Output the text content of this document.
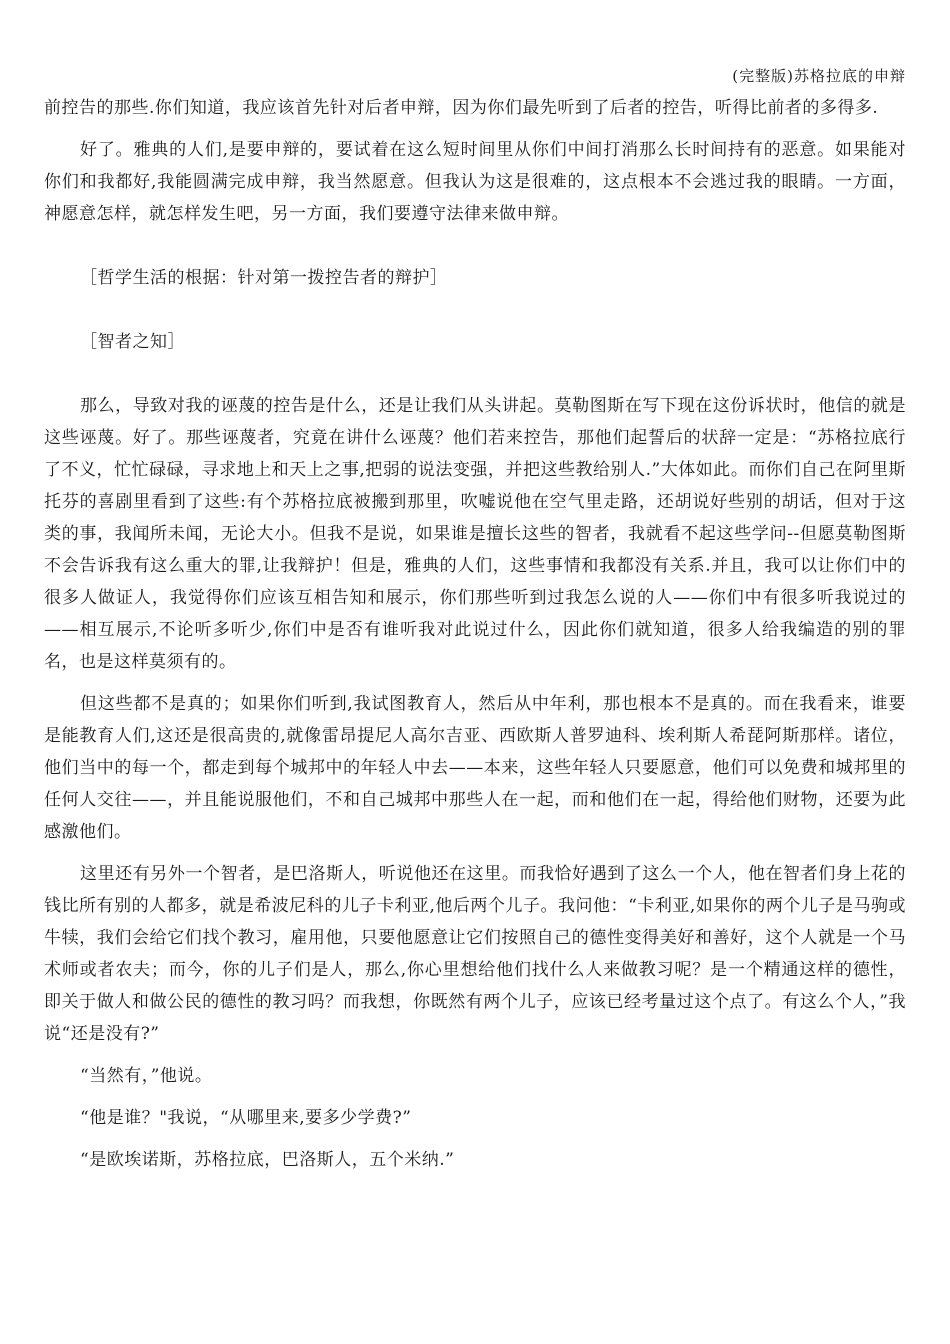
(完整版)苏格拉底的申辩

前控告的那些.你们知道，我应该首先针对后者申辩，因为你们最先听到了后者的控告，听得比前者的多得多.

好了。雅典的人们,是要申辩的，要试着在这么短时间里从你们中间打消那么长时间持有的恶意。如果能对你们和我都好,我能圆满完成申辩，我当然愿意。但我认为这是很难的，这点根本不会逃过我的眼睛。一方面，神愿意怎样，就怎样发生吧，另一方面，我们要遵守法律来做申辩。

［哲学生活的根据：针对第一拨控告者的辩护］

［智者之知］

那么，导致对我的诬蔑的控告是什么，还是让我们从头讲起。莫勒图斯在写下现在这份诉状时，他信的就是这些诬蔑。好了。那些诬蔑者，究竟在讲什么诬蔑？他们若来控告，那他们起誓后的状辞一定是：“苏格拉底行了不义，忙忙碌碌，寻求地上和天上之事,把弱的说法变强，并把这些教给别人.”大体如此。而你们自己在阿里斯托芬的喜剧里看到了这些:有个苏格拉底被搬到那里，吹嘘说他在空气里走路，还胡说好些别的胡话，但对于这类的事，我闻所未闻，无论大小。但我不是说，如果谁是擅长这些的智者，我就看不起这些学问--但愿莫勒图斯不会告诉我有这么重大的罪,让我辩护！但是，雅典的人们，这些事情和我都没有关系.并且，我可以让你们中的很多人做证人，我觉得你们应该互相告知和展示，你们那些听到过我怎么说的人——你们中有很多听我说过的——相互展示,不论听多听少,你们中是否有谁听我对此说过什么，因此你们就知道，很多人给我编造的别的罪名，也是这样莫须有的。

但这些都不是真的；如果你们听到,我试图教育人，然后从中年利，那也根本不是真的。而在我看来，谁要是能教育人们,这还是很高贵的,就像雷昂提尼人高尔吉亚、西欧斯人普罗迪科、埃利斯人希琵阿斯那样。诸位，他们当中的每一个，都走到每个城邦中的年轻人中去——本来，这些年轻人只要愿意，他们可以免费和城邦里的任何人交往——，并且能说服他们，不和自己城邦中那些人在一起，而和他们在一起，得给他们财物，还要为此感激他们。

这里还有另外一个智者，是巴洛斯人，听说他还在这里。而我恰好遇到了这么一个人，他在智者们身上花的钱比所有别的人都多，就是希波尼科的儿子卡利亚,他后两个儿子。我问他：“卡利亚,如果你的两个儿子是马驹或牛犊，我们会给它们找个教习，雇用他，只要他愿意让它们按照自己的德性变得美好和善好，这个人就是一个马术师或者农夫；而今，你的儿子们是人，那么,你心里想给他们找什么人来做教习呢？是一个精通这样的德性，即关于做人和做公民的德性的教习吗？而我想，你既然有两个儿子，应该已经考量过这个点了。有这么个人，”我说“还是没有?”

“当然有，”他说。

“他是谁？"我说，“从哪里来,要多少学费?”

“是欧埃诺斯，苏格拉底，巴洛斯人，五个米纳.”
